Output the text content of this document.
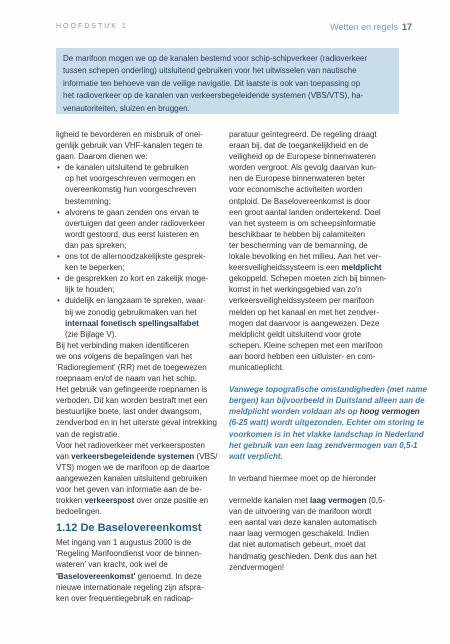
HOOFDSTUK 1	Wetten en regels 17
De marifoon mogen we op de kanalen bestemd voor schip-schipverkeer (radioverkeer
tussen schepen onderling) uitsluitend gebruiken voor het uitwisselen van nautische
informatie ten behoeve van de veilige navigatie. Dit laatste is ook van toepassing op
het radioverkeer op de kanalen van verkeersbegeleidende systemen (VBS/VTS), ha-
venautoriteiten, sluizen en bruggen.
ligheid te bevorderen en misbruik of onei-
genlijk gebruik van VHF-kanalen tegen te
gaan. Daarom dienen we:
• de kanalen uitsluitend te gebruiken
op het voorgeschreven vermogen en
overeenkomstig hun voorgeschreven
bestemming;
• alvorens te gaan zenden ons ervan te
overtuigen dat geen ander radioverkeer
wordt gestoord, dus eerst luisteren en
dan pas spreken;
• ons tot de allernoodzakelijkste gesprek-
ken te beperken;
• de gesprekken zo kort en zakelijk moge-
lijk te houden;
• duidelijk en langzaam te spreken, waar-
bij we zonodig gebruikmaken van het
internaal fonetisch spellingsalfabet
(zie Bijlage V).
Bij het verbinding maken identificeren
we ons volgens de bepalingen van het
'Radioreglement' (RR) met de toegewezen
roepnaam en/of de naam van het schip.
Het gebruik van gefingeerde roepnamen is
verboden. Dit kan worden bestraft met een
bestuurlijke boete, last onder dwangsom,
zendverbod en in het uiterste geval intrekking
van de registratie.
Voor het radioverkeer met verkeersposten
van verkeersbegeleidende systemen (VBS/
VTS) mogen we de marifoon op de daartoe
aangewezen kanalen uitsluitend gebruiken
voor het geven van informatie aan de be-
trokken verkeerspost over onze positie en
bedoelingen.
1.12 De Baselovereenkomst
Met ingang van 1 augustus 2000 is de
'Regeling Marifoondienst voor de binnen-
wateren' van kracht, ook wel de
'Baselovereenkomst' genoemd. In deze
nieuwe internationale regeling zijn afspra-
ken over frequentiegebruik en radioap-
paratuur geïntegreerd. De regeling draagt
eraan bij, dat de toegankelijkheid en de
veiligheid op de Europese binnenwateren
worden vergroot. Als gevolg daarvan kun-
nen de Europese binnenwateren beter
voor economische activiteiten worden
ontploid. De Baselovereenkomst is door
een groot aantal landen ondertekend. Doel
van het systeem is om scheepsinformatie
beschikbaar te hebben bij calamiteiten
ter bescherming van de bemanning, de
lokale bevolking en het milieu. Aan het ver-
keersveiligheidssysteem is een meldplicht
gekoppeld. Schepen moeten zich bij binnen-
komst in het werkingsgebied van zo'n
verkeersveiligheidssysteem per marifoon
melden op het kanaal en met het zendver-
mogen dat daarvoor is aangewezen. Deze
meldplicht geldt uitsluitend voor grote
schepen. Kleine schepen met een marifoon
aan boord hebben een uitluister- en com-
municatieplicht.
Vanwege topografische omstandigheden (met name
bergen) kan bijvoorbeeld in Duitsland alleen aan de
meldplicht worden voldaan als op hoog vermogen
(6-25 watt) wordt uitgezonden. Echter om storing te
voorkomen is in het vlakke landschap in Nederland
het gebruik van een laag zendvermogen van 0,5-1
watt verplicht.
In verband hiermee moet op de hieronder
vermelde kanalen met laag vermogen (0,5-
van de uitvoering van de marifoon wordt
een aantal van deze kanalen automatisch
naar laag vermogen geschakeld. Indien
dat niet automatisch gebeurt, moet dat
handmatig geschieden. Denk dus aan het
zendvermogen!
